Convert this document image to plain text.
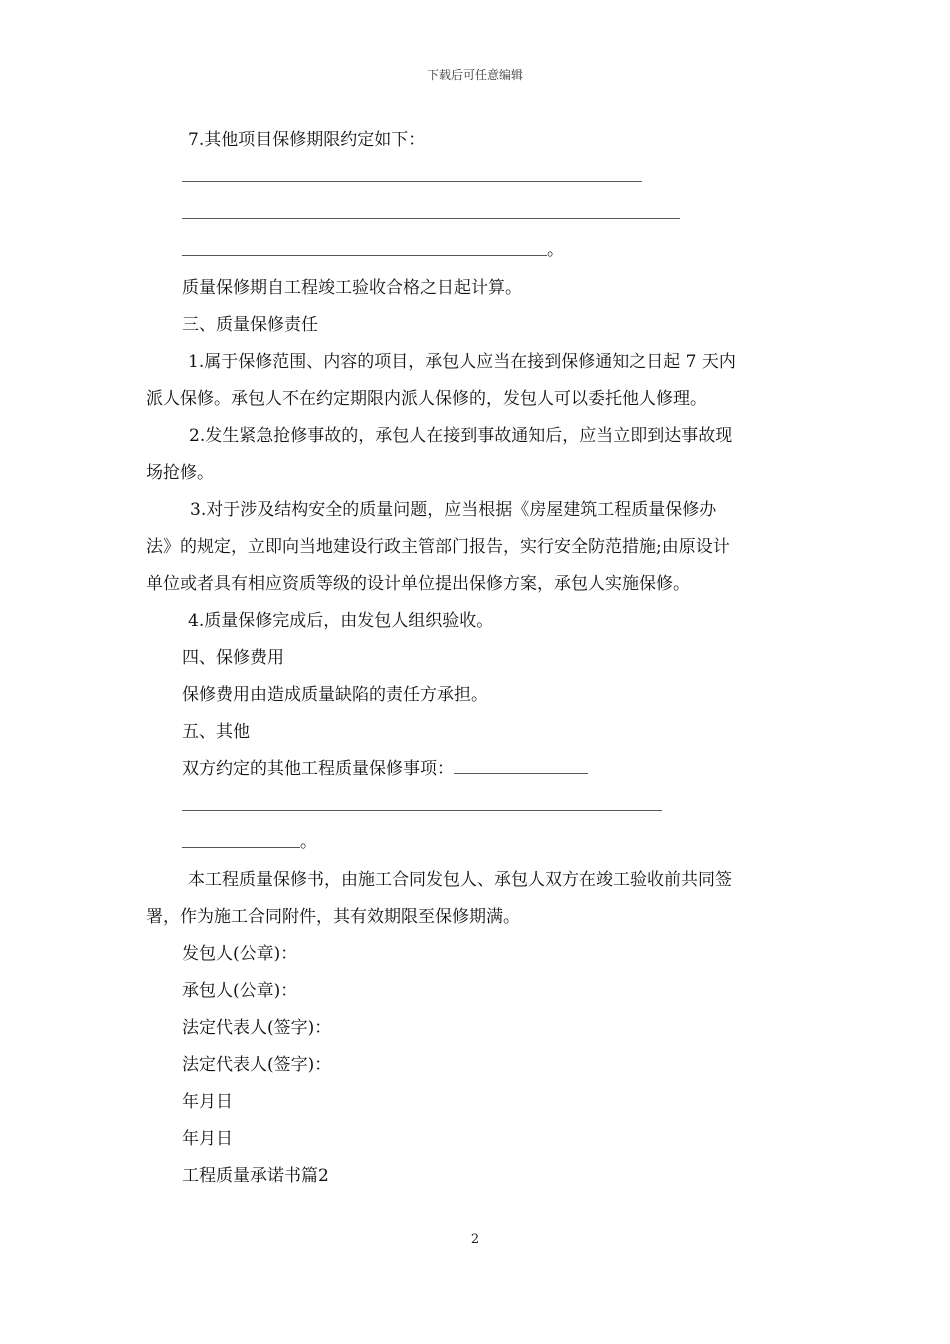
下载后可任意编辑
7.其他项目保修期限约定如下：
。
质量保修期自工程竣工验收合格之日起计算。
三、质量保修责任
1.属于保修范围、内容的项目，承包人应当在接到保修通知之日起 7 天内
派人保修。承包人不在约定期限内派人保修的，发包人可以委托他人修理。
2.发生紧急抢修事故的，承包人在接到事故通知后，应当立即到达事故现
场抢修。
3.对于涉及结构安全的质量问题，应当根据《房屋建筑工程质量保修办
法》的规定，立即向当地建设行政主管部门报告，实行安全防范措施;由原设计
单位或者具有相应资质等级的设计单位提出保修方案，承包人实施保修。
4.质量保修完成后，由发包人组织验收。
四、保修费用
保修费用由造成质量缺陷的责任方承担。
五、其他
双方约定的其他工程质量保修事项：
。
本工程质量保修书，由施工合同发包人、承包人双方在竣工验收前共同签
署，作为施工合同附件，其有效期限至保修期满。
发包人(公章)：
承包人(公章)：
法定代表人(签字)：
法定代表人(签字)：
年月日
年月日
工程质量承诺书篇2
2
